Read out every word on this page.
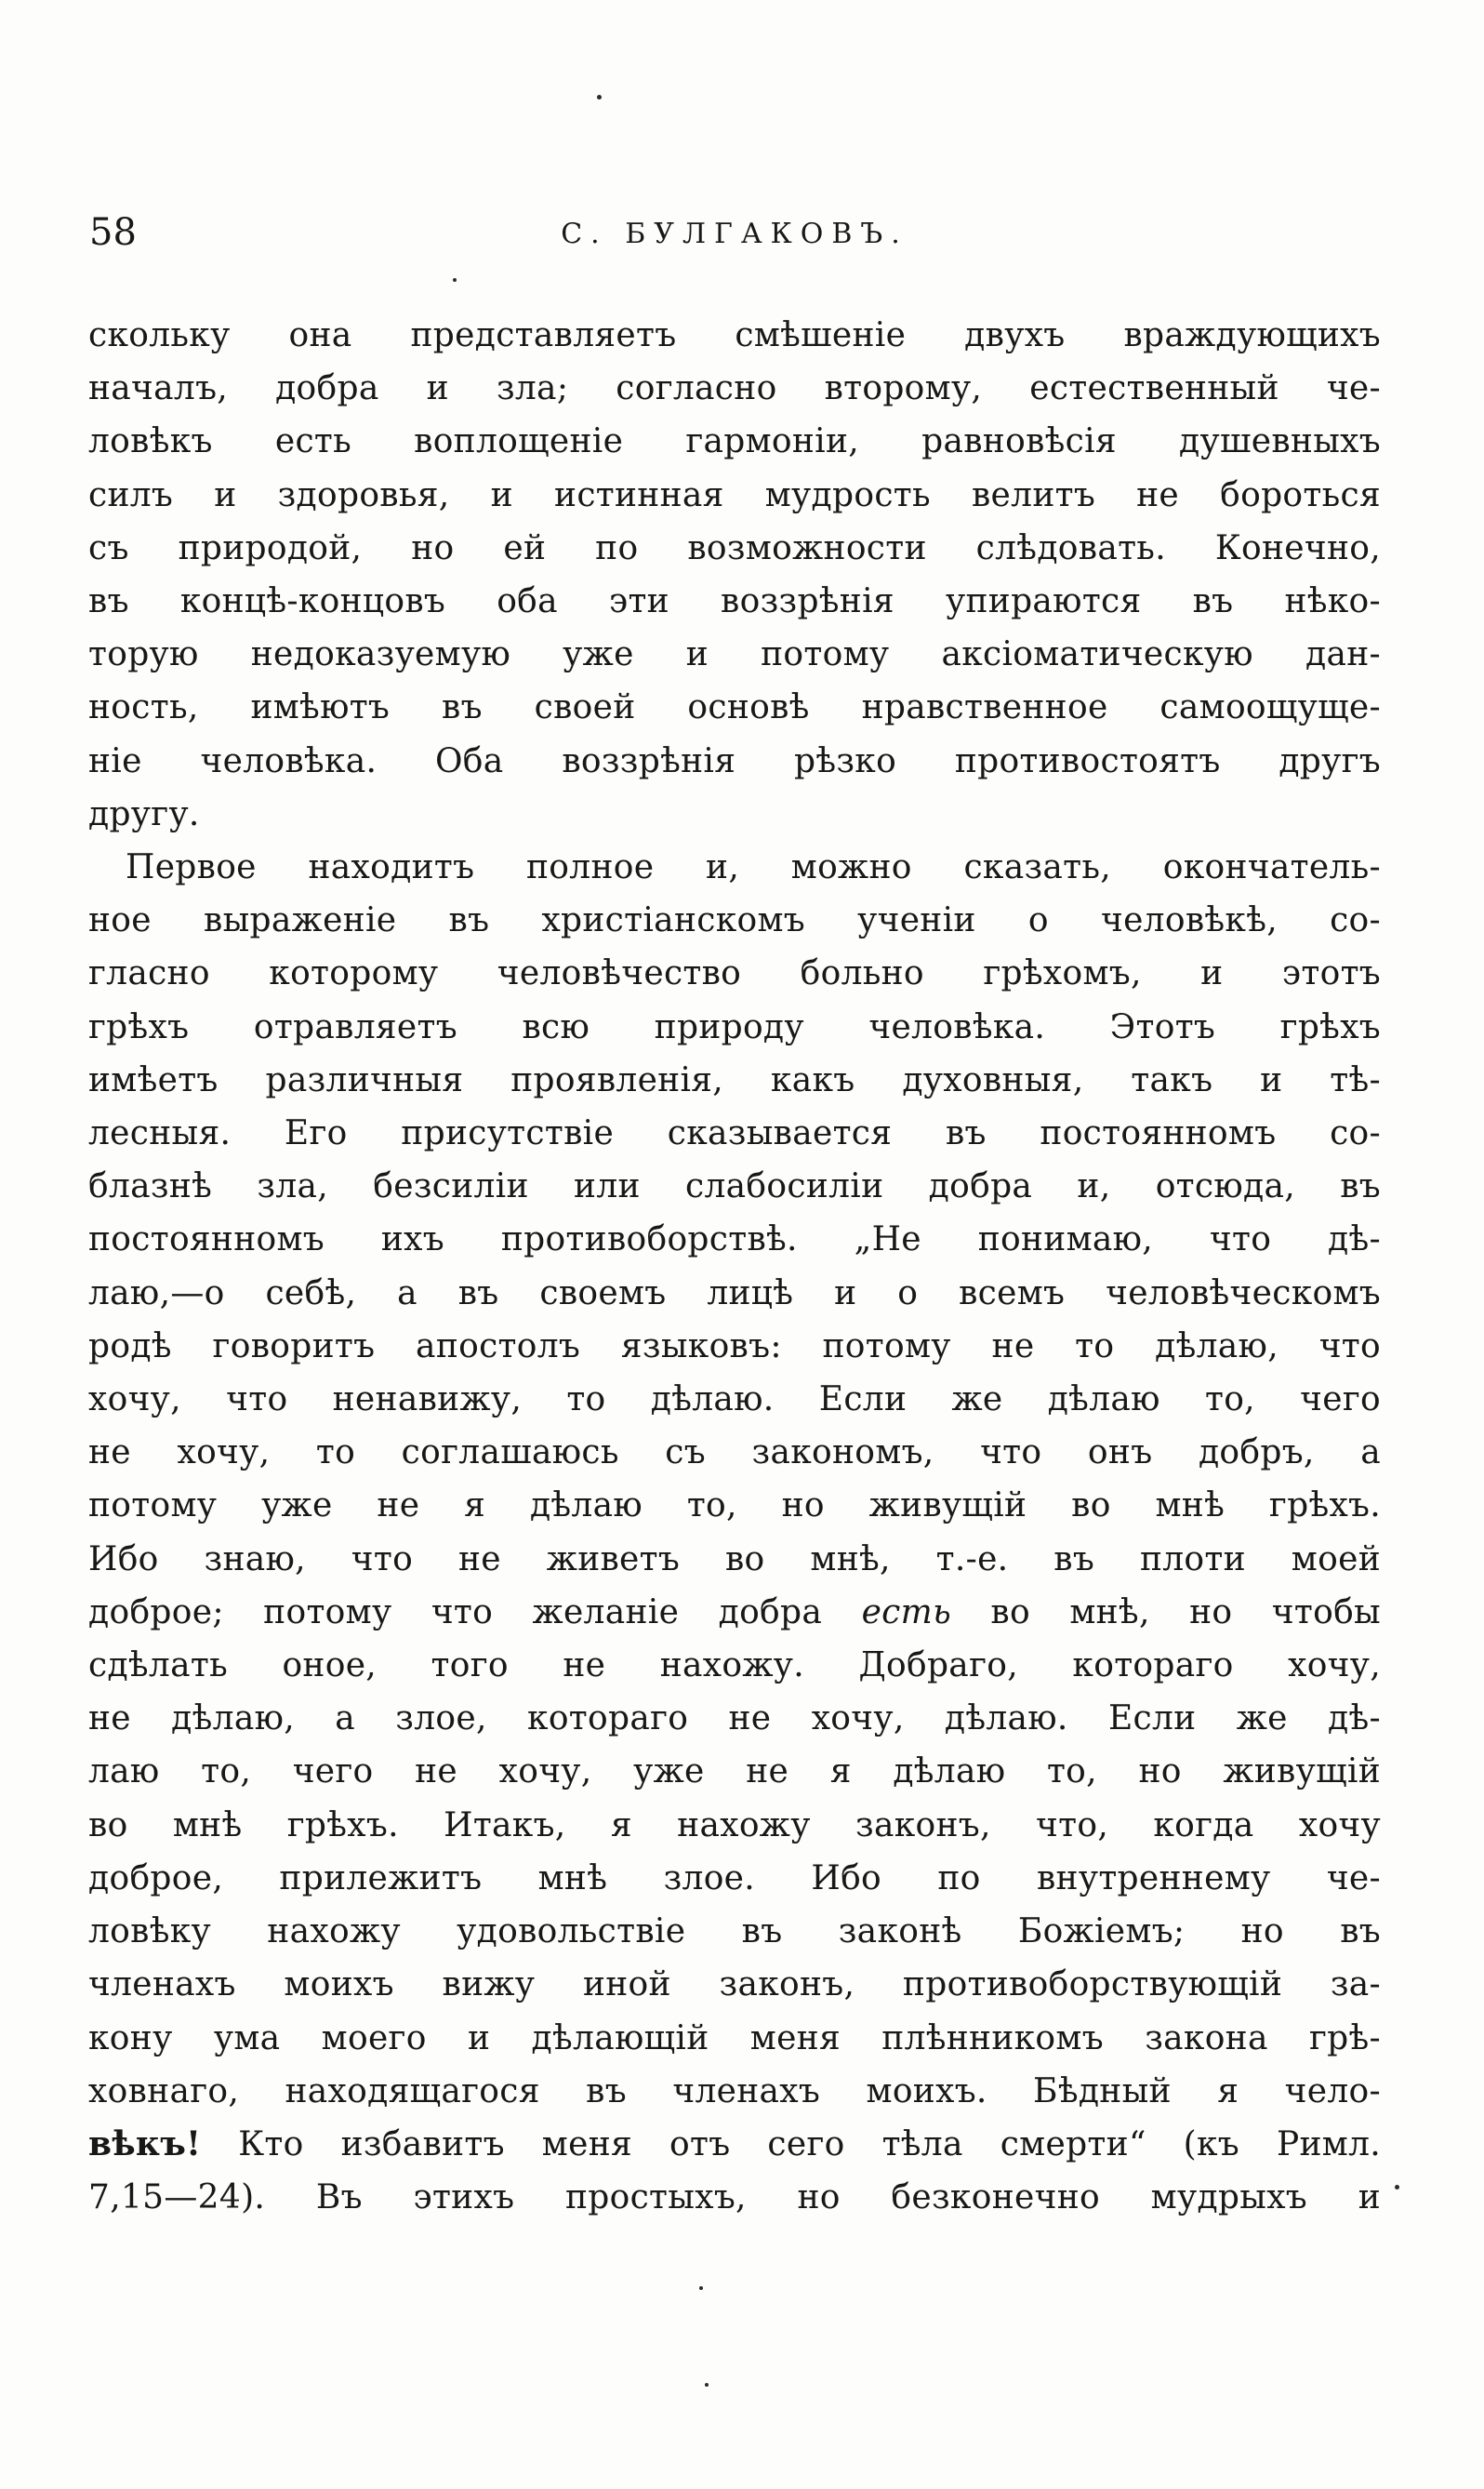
58	С. БУЛГАКОВЪ.
скольку она представляетъ смѣшеніе двухъ враждующихъ
началъ, добра и зла; согласно второму, естественный че-
ловѣкъ есть воплощеніе гармоніи, равновѣсія душевныхъ
силъ и здоровья, и истинная мудрость велитъ не бороться
съ природой, но ей по возможности слѣдовать. Конечно,
въ концѣ-концовъ оба эти воззрѣнія упираются въ нѣко-
торую недоказуемую уже и потому аксіоматическую дан-
ность, имѣютъ въ своей основѣ нравственное самоощуще-
ніе человѣка. Оба воззрѣнія рѣзко противостоятъ другъ
другу.
Первое находитъ полное и, можно сказать, окончатель-
ное выраженіе въ христіанскомъ ученіи о человѣкѣ, со-
гласно которому человѣчество больно грѣхомъ, и этотъ
грѣхъ отравляетъ всю природу человѣка. Этотъ грѣхъ
имѣетъ различныя проявленія, какъ духовныя, такъ и тѣ-
лесныя. Его присутствіе сказывается въ постоянномъ со-
блазнѣ зла, безсиліи или слабосиліи добра и, отсюда, въ
постоянномъ ихъ противоборствѣ. „Не понимаю, что дѣ-
лаю,—о себѣ, а въ своемъ лицѣ и о всемъ человѣческомъ
родѣ говоритъ апостолъ языковъ: потому не то дѣлаю, что
хочу, что ненавижу, то дѣлаю. Если же дѣлаю то, чего
не хочу, то соглашаюсь съ закономъ, что онъ добръ, а
потому уже не я дѣлаю то, но живущій во мнѣ грѣхъ.
Ибо знаю, что не живетъ во мнѣ, т.-е. въ плоти моей
доброе; потому что желаніе добра есть во мнѣ, но чтобы
сдѣлать оное, того не нахожу. Добраго, котораго хочу,
не дѣлаю, а злое, котораго не хочу, дѣлаю. Если же дѣ-
лаю то, чего не хочу, уже не я дѣлаю то, но живущій
во мнѣ грѣхъ. Итакъ, я нахожу законъ, что, когда хочу
доброе, прилежитъ мнѣ злое. Ибо по внутреннему че-
ловѣку нахожу удовольствіе въ законѣ Божіемъ; но въ
членахъ моихъ вижу иной законъ, противоборствующій за-
кону ума моего и дѣлающій меня плѣнникомъ закона грѣ-
ховнаго, находящагося въ членахъ моихъ. Бѣдный я чело-
вѣкъ! Кто избавитъ меня отъ сего тѣла смерти“ (къ Римл.
7,15—24). Въ этихъ простыхъ, но безконечно мудрыхъ и
